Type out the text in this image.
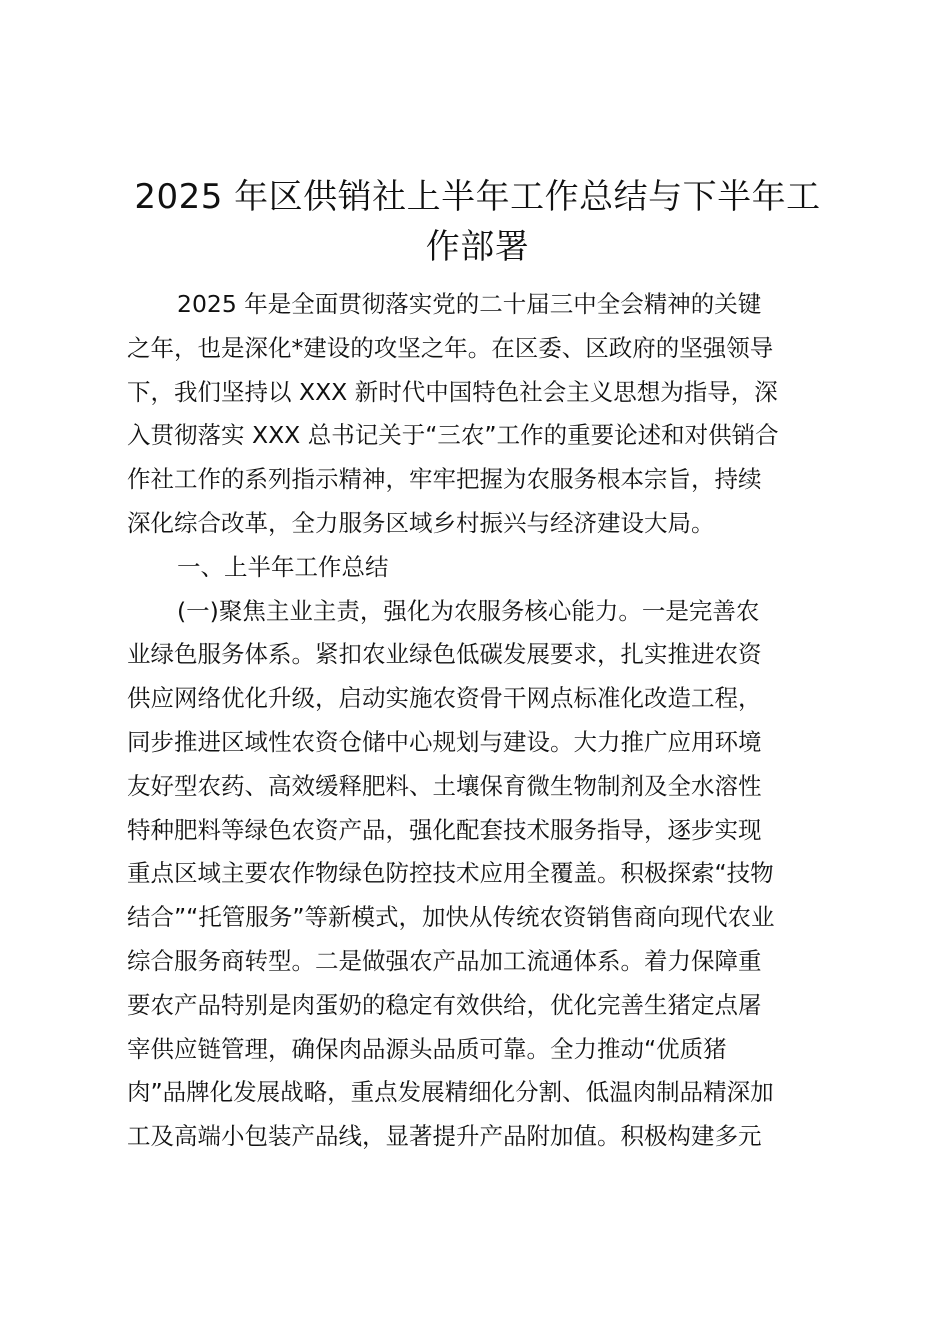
2025 年区供销社上半年工作总结与下半年工
作部署
2025 年是全面贯彻落实党的二十届三中全会精神的关键
之年，也是深化*建设的攻坚之年。在区委、区政府的坚强领导
下，我们坚持以 XXX 新时代中国特色社会主义思想为指导，深
入贯彻落实 XXX 总书记关于“三农”工作的重要论述和对供销合
作社工作的系列指示精神，牢牢把握为农服务根本宗旨，持续
深化综合改革，全力服务区域乡村振兴与经济建设大局。
一、上半年工作总结
(一)聚焦主业主责，强化为农服务核心能力。一是完善农
业绿色服务体系。紧扣农业绿色低碳发展要求，扎实推进农资
供应网络优化升级，启动实施农资骨干网点标准化改造工程，
同步推进区域性农资仓储中心规划与建设。大力推广应用环境
友好型农药、高效缓释肥料、土壤保育微生物制剂及全水溶性
特种肥料等绿色农资产品，强化配套技术服务指导，逐步实现
重点区域主要农作物绿色防控技术应用全覆盖。积极探索“技物
结合”“托管服务”等新模式，加快从传统农资销售商向现代农业
综合服务商转型。二是做强农产品加工流通体系。着力保障重
要农产品特别是肉蛋奶的稳定有效供给，优化完善生猪定点屠
宰供应链管理，确保肉品源头品质可靠。全力推动“优质猪
肉”品牌化发展战略，重点发展精细化分割、低温肉制品精深加
工及高端小包装产品线，显著提升产品附加值。积极构建多元
